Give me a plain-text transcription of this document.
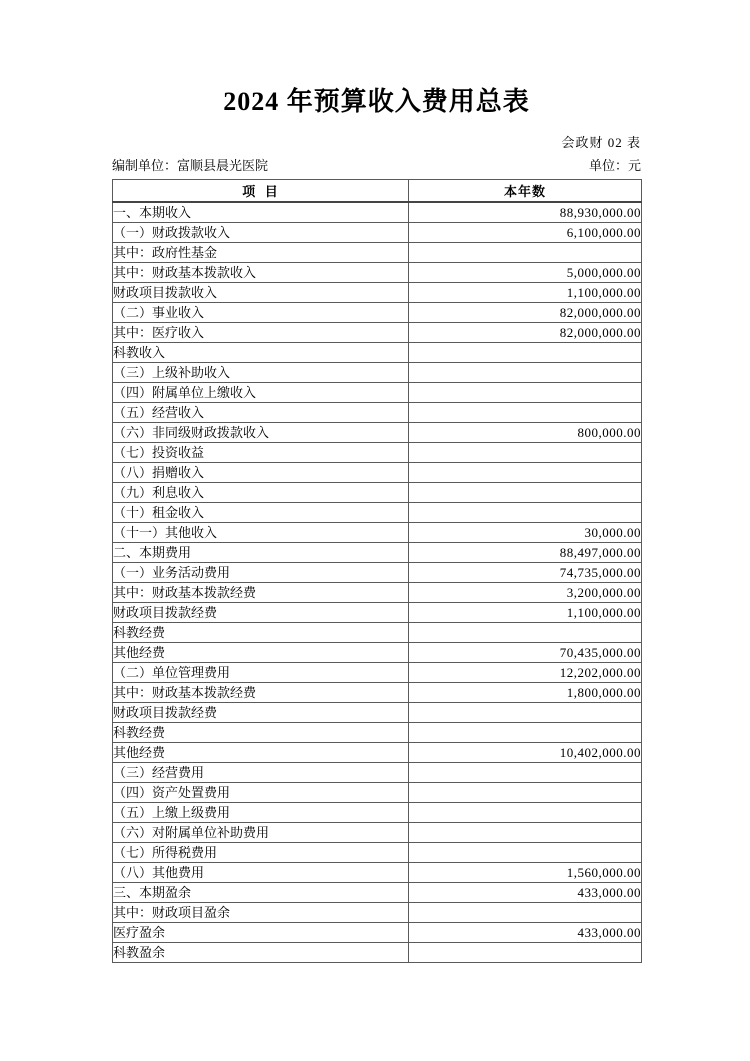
2024 年预算收入费用总表
会政财 02 表
编制单位：富顺县晨光医院	单位：元
项  目	本年数
一、本期收入	88,930,000.00
（一）财政拨款收入	6,100,000.00
其中：政府性基金	
其中：财政基本拨款收入	5,000,000.00
财政项目拨款收入	1,100,000.00
（二）事业收入	82,000,000.00
其中：医疗收入	82,000,000.00
科教收入	
（三）上级补助收入	
（四）附属单位上缴收入	
（五）经营收入	
（六）非同级财政拨款收入	800,000.00
（七）投资收益	
（八）捐赠收入	
（九）利息收入	
（十）租金收入	
（十一）其他收入	30,000.00
二、本期费用	88,497,000.00
（一）业务活动费用	74,735,000.00
其中：财政基本拨款经费	3,200,000.00
财政项目拨款经费	1,100,000.00
科教经费	
其他经费	70,435,000.00
（二）单位管理费用	12,202,000.00
其中：财政基本拨款经费	1,800,000.00
财政项目拨款经费	
科教经费	
其他经费	10,402,000.00
（三）经营费用	
（四）资产处置费用	
（五）上缴上级费用	
（六）对附属单位补助费用	
（七）所得税费用	
（八）其他费用	1,560,000.00
三、本期盈余	433,000.00
其中：财政项目盈余	
医疗盈余	433,000.00
科教盈余	
